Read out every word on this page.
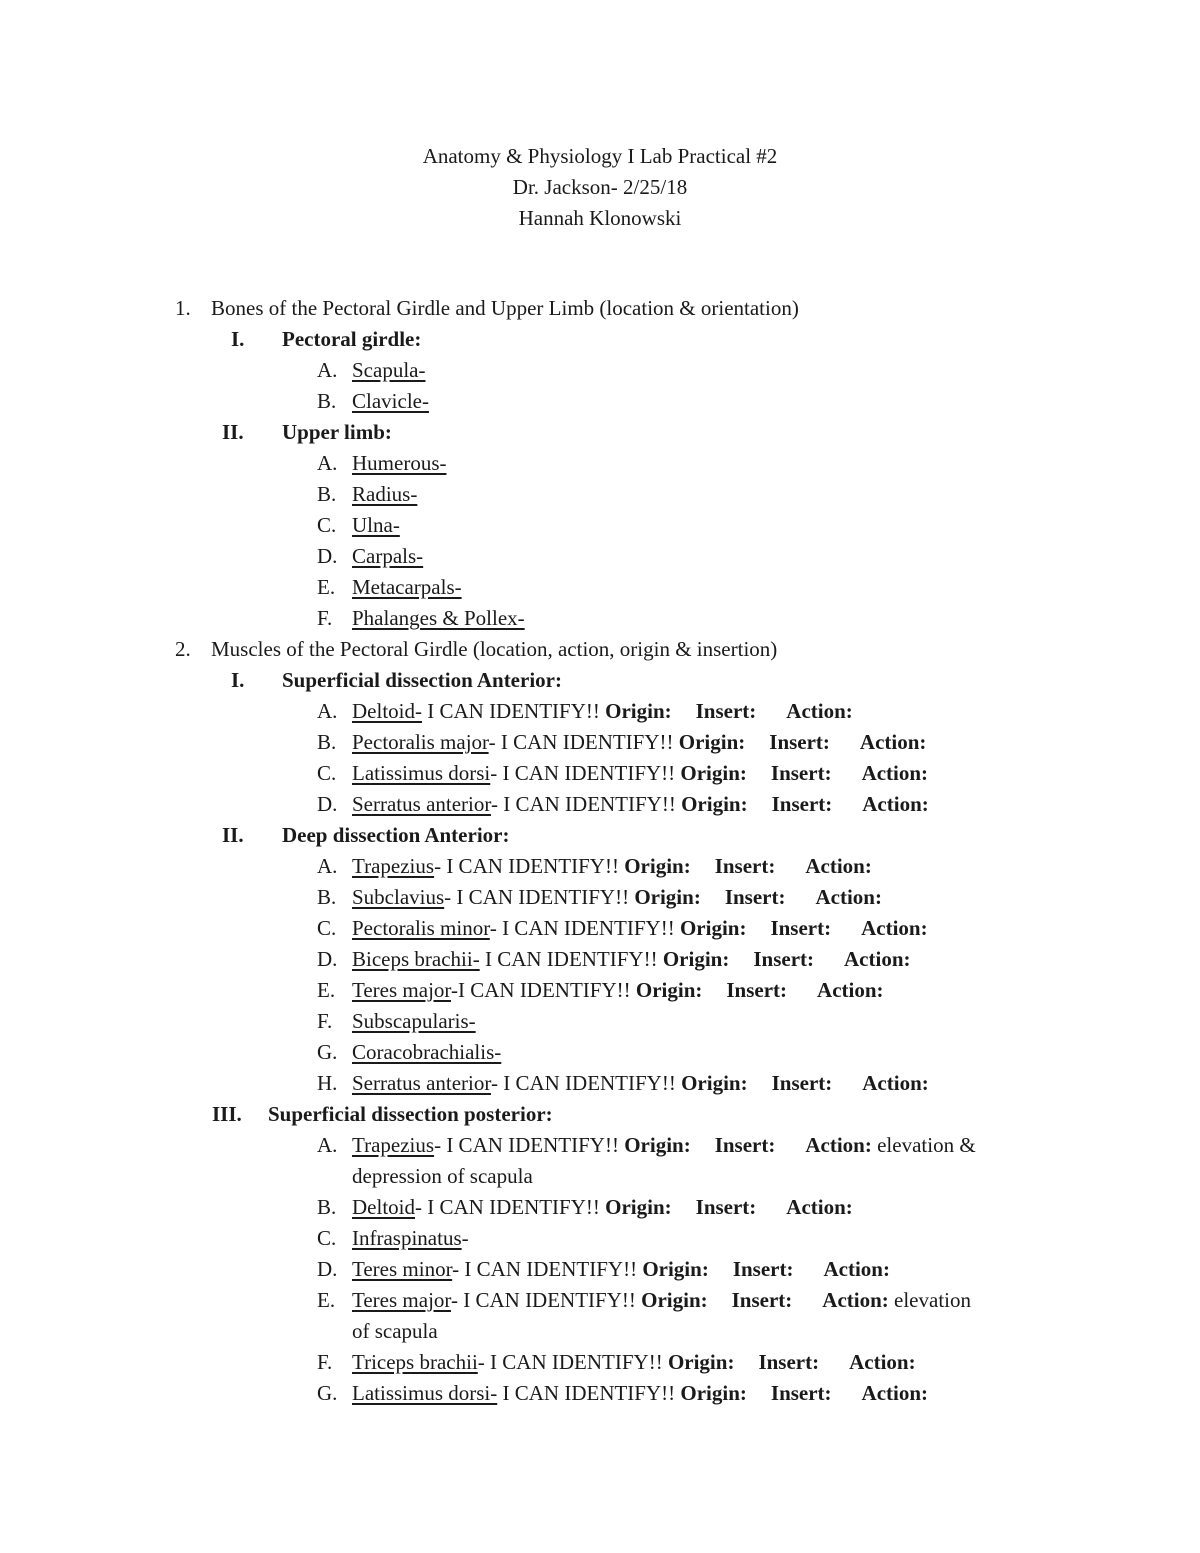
Anatomy & Physiology I Lab Practical #2
Dr. Jackson- 2/25/18
Hannah Klonowski
1. Bones of the Pectoral Girdle and Upper Limb (location & orientation)
I. Pectoral girdle:
A. Scapula-
B. Clavicle-
II. Upper limb:
A. Humerous-
B. Radius-
C. Ulna-
D. Carpals-
E. Metacarpals-
F. Phalanges & Pollex-
2. Muscles of the Pectoral Girdle (location, action, origin & insertion)
I. Superficial dissection Anterior:
A. Deltoid- I CAN IDENTIFY!! Origin: Insert: Action:
B. Pectoralis major- I CAN IDENTIFY!! Origin: Insert: Action:
C. Latissimus dorsi- I CAN IDENTIFY!! Origin: Insert: Action:
D. Serratus anterior- I CAN IDENTIFY!! Origin: Insert: Action:
II. Deep dissection Anterior:
A. Trapezius- I CAN IDENTIFY!! Origin: Insert: Action:
B. Subclavius- I CAN IDENTIFY!! Origin: Insert: Action:
C. Pectoralis minor- I CAN IDENTIFY!! Origin: Insert: Action:
D. Biceps brachii- I CAN IDENTIFY!! Origin: Insert: Action:
E. Teres major-I CAN IDENTIFY!! Origin: Insert: Action:
F. Subscapularis-
G. Coracobrachialis-
H. Serratus anterior- I CAN IDENTIFY!! Origin: Insert: Action:
III. Superficial dissection posterior:
A. Trapezius- I CAN IDENTIFY!! Origin: Insert: Action: elevation &
depression of scapula
B. Deltoid- I CAN IDENTIFY!! Origin: Insert: Action:
C. Infraspinatus-
D. Teres minor- I CAN IDENTIFY!! Origin: Insert: Action:
E. Teres major- I CAN IDENTIFY!! Origin: Insert: Action: elevation
of scapula
F. Triceps brachii- I CAN IDENTIFY!! Origin: Insert: Action:
G. Latissimus dorsi- I CAN IDENTIFY!! Origin: Insert: Action:
